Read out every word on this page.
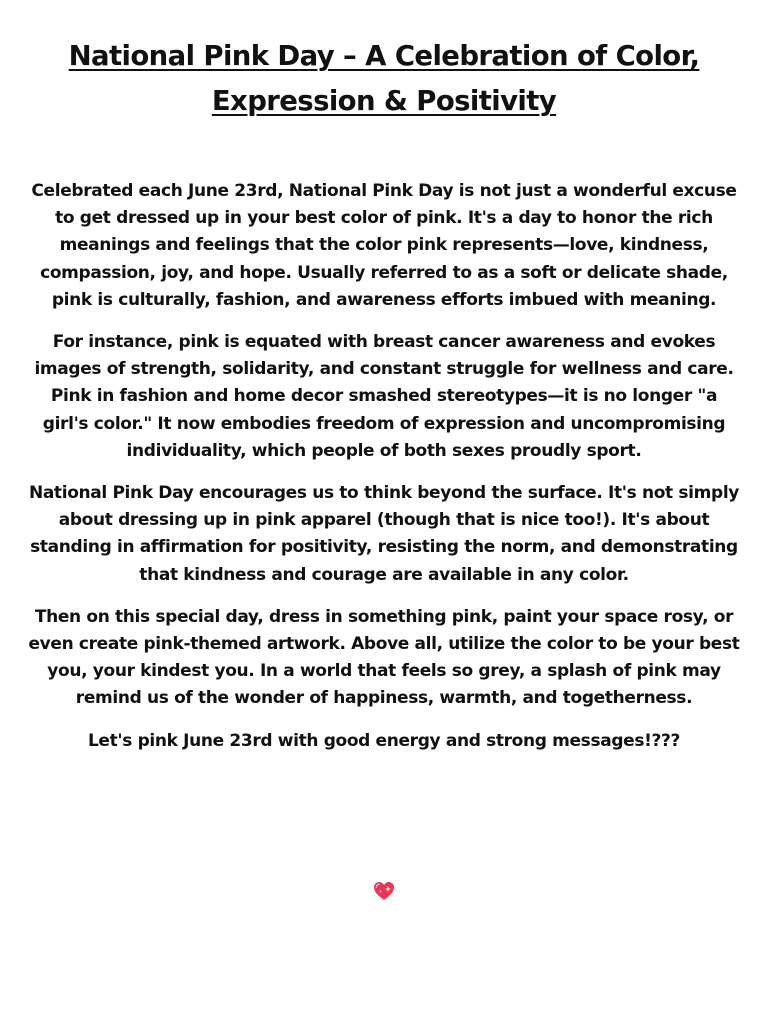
National Pink Day – A Celebration of Color, Expression & Positivity

Celebrated each June 23rd, National Pink Day is not just a wonderful excuse to get dressed up in your best color of pink. It's a day to honor the rich meanings and feelings that the color pink represents—love, kindness, compassion, joy, and hope. Usually referred to as a soft or delicate shade, pink is culturally, fashion, and awareness efforts imbued with meaning.

For instance, pink is equated with breast cancer awareness and evokes images of strength, solidarity, and constant struggle for wellness and care. Pink in fashion and home decor smashed stereotypes—it is no longer "a girl's color." It now embodies freedom of expression and uncompromising individuality, which people of both sexes proudly sport.

National Pink Day encourages us to think beyond the surface. It's not simply about dressing up in pink apparel (though that is nice too!). It's about standing in affirmation for positivity, resisting the norm, and demonstrating that kindness and courage are available in any color.

Then on this special day, dress in something pink, paint your space rosy, or even create pink-themed artwork. Above all, utilize the color to be your best you, your kindest you. In a world that feels so grey, a splash of pink may remind us of the wonder of happiness, warmth, and togetherness.

Let's pink June 23rd with good energy and strong messages!???
